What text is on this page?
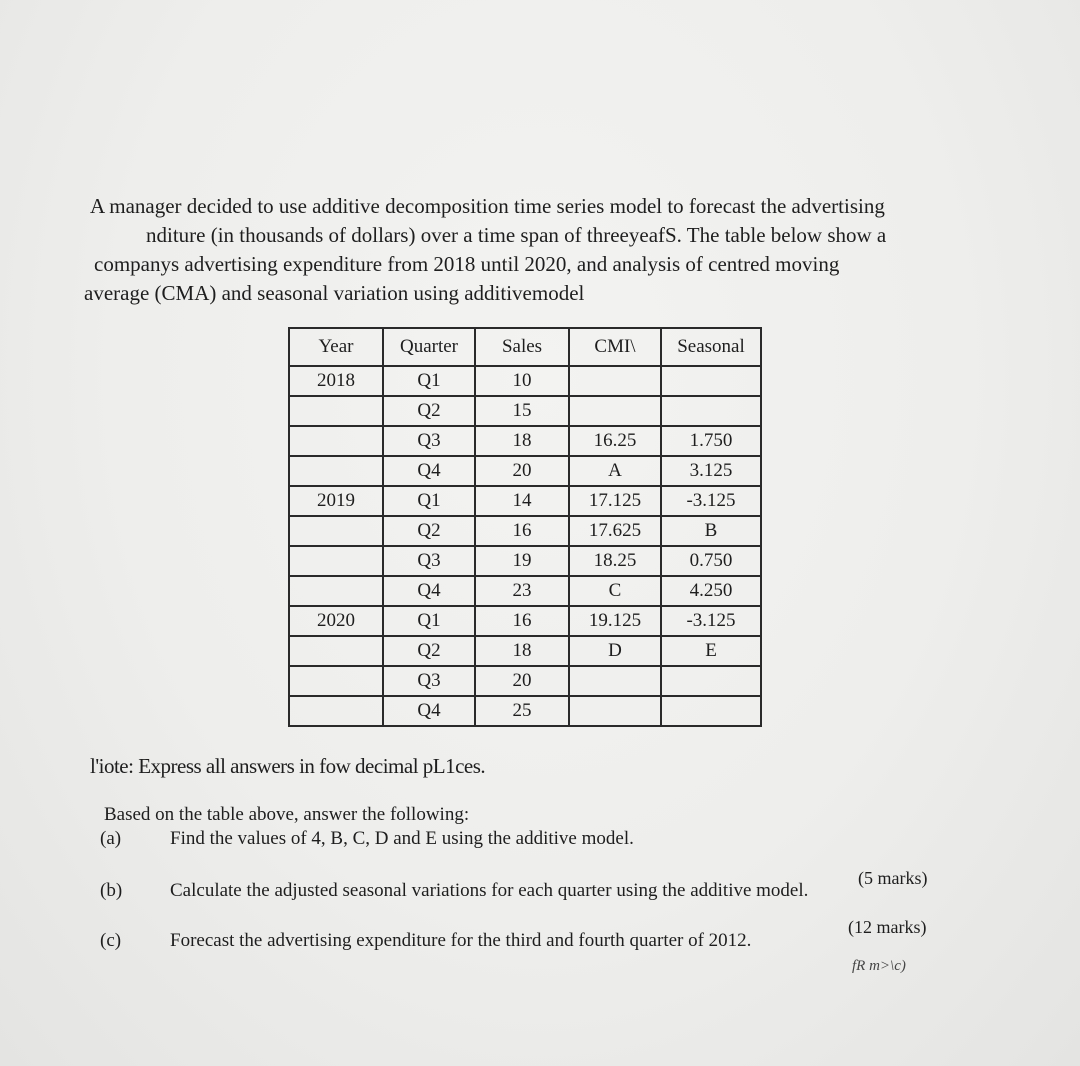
A manager decided to use additive decomposition time series model to forecast the advertising
nditure (in thousands of dollars) over a time span of threeyeafS. The table below show a
companys advertising expenditure from 2018 until 2020, and analysis of centred moving
average (CMA) and seasonal variation using additivemodel
Year	Quarter	Sales	CMI\	Seasonal
2018	Q1	10		
	Q2	15		
	Q3	18	16.25	1.750
	Q4	20	A	3.125
2019	Q1	14	17.125	-3.125
	Q2	16	17.625	B
	Q3	19	18.25	0.750
	Q4	23	C	4.250
2020	Q1	16	19.125	-3.125
	Q2	18	D	E
	Q3	20		
	Q4	25		
l'iote: Express all answers in fow decimal pL1ces.
Based on the table above, answer the following:
(a)	Find the values of 4, B, C, D and E using the additive model.
(5 marks)
(b)	Calculate the adjusted seasonal variations for each quarter using the additive model.
(12 marks)
(c)	Forecast the advertising expenditure for the third and fourth quarter of 2012.
fR m>\c)
